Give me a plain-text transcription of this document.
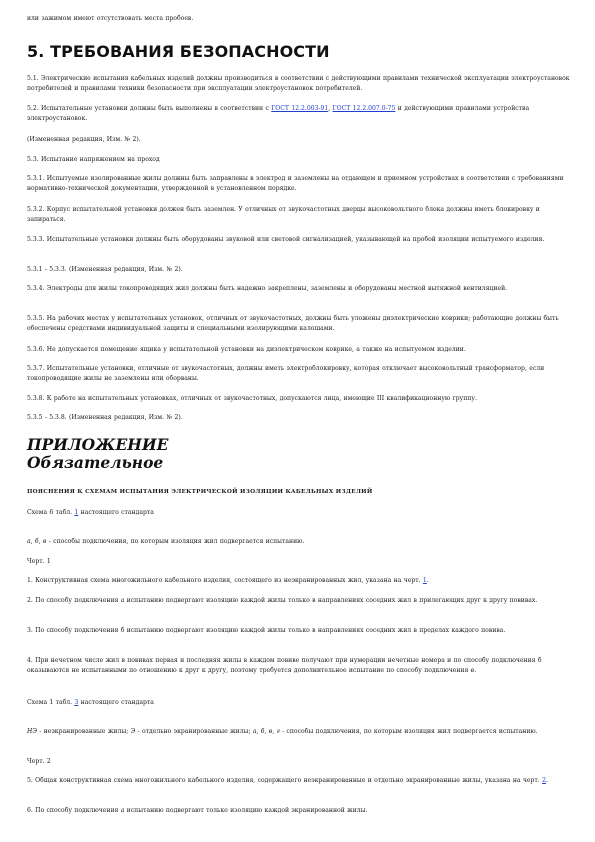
или зажимом имеют отсутствовать места пробоев.

5. ТРЕБОВАНИЯ БЕЗОПАСНОСТИ

5.1. Электрические испытания кабельных изделий должны производиться в соответствии с действующими правилами технической эксплуатации электроустановок потребителей и правилами техники безопасности при эксплуатации электроустановок потребителей.

5.2. Испытательные установки должны быть выполнены в соответствии с ГОСТ 12.2.003-91, ГОСТ 12.2.007.0-75 и действующими правилами устройства электроустановок.

(Измененная редакция, Изм. № 2).

5.3. Испытание напряжением на проход

5.3.1. Испытуемые изолированные жилы должны быть заправлены в электрод и заземлены на отдающем и приемном устройствах в соответствии с требованиями нормативно-технической документации, утвержденной в установленном порядке.

5.3.2. Корпус испытательной установки должен быть заземлен. У отличных от звукочастотных дверцы высоковольтного блока должны иметь блокировку и запираться.

5.3.3. Испытательные установки должны быть оборудованы звуковой или световой сигнализацией, указывающей на пробой изоляции испытуемого изделия.

5.3.1 - 5.3.3. (Измененная редакция, Изм. № 2).

5.3.4. Электроды для жилы токопроводящих жил должны быть надежно закреплены, заземлены и оборудованы местной вытяжной вентиляцией.

5.3.5. На рабочих местах у испытательных установок, отличных от звукочастотных, должны быть уложены диэлектрические коврики; работающие должны быть обеспечены средствами индивидуальной защиты и специальными изолирующими калошами.

5.3.6. Не допускается помещение ящика у испытательной установки на диэлектрическом коврике, а также на испытуемом изделии.

5.3.7. Испытательные установки, отличные от звукочастотных, должны иметь электроблокировку, которая отключает высоковольтный трансформатор, если токопроводящие жилы не заземлены или оборваны.

5.3.8. К работе на испытательных установках, отличных от звукочастотных, допускаются лица, имеющие III квалификационную группу.

5.3.5 - 5.3.8. (Измененная редакция, Изм. № 2).

ПРИЛОЖЕНИЕ

Обязательное

ПОЯСНЕНИЯ К СХЕМАМ ИСПЫТАНИЯ ЭЛЕКТРИЧЕСКОЙ ИЗОЛЯЦИИ КАБЕЛЬНЫХ ИЗДЕЛИЙ

Схема 6 табл. 1 настоящего стандарта

а, б, в - способы подключения, по которым изоляция жил подвергается испытанию.

Черт. 1

1. Конструктивная схема многожильного кабельного изделия, состоящего из неэкранированных жил, указана на черт. 1.

2. По способу подключения а испытанию подвергают изоляцию каждой жилы только в направлениях соседних жил в прилегающих друг к другу повивах.

3. По способу подключения б испытанию подвергают изоляцию каждой жилы только в направлениях соседних жил в пределах каждого повива.

4. При нечетном числе жил в повивах первая и последняя жилы в каждом повиве получают при нумерации нечетные номера и по способу подключения б оказываются не испытанными по отношению к друг к другу, поэтому требуется дополнительное испытание по способу подключения в.

Схема 1 табл. 3 настоящего стандарта

НЭ - неэкранированные жилы; Э - отдельно экранированные жилы; а, б, в, г - способы подключения, по которым изоляция жил подвергается испытанию.

Черт. 2

5. Общая конструктивная схема многожильного кабельного изделия, содержащего неэкранированные и отдельно экранированные жилы, указана на черт. 2.

6. По способу подключения а испытанию подвергают только изоляцию каждой экранированной жилы.
